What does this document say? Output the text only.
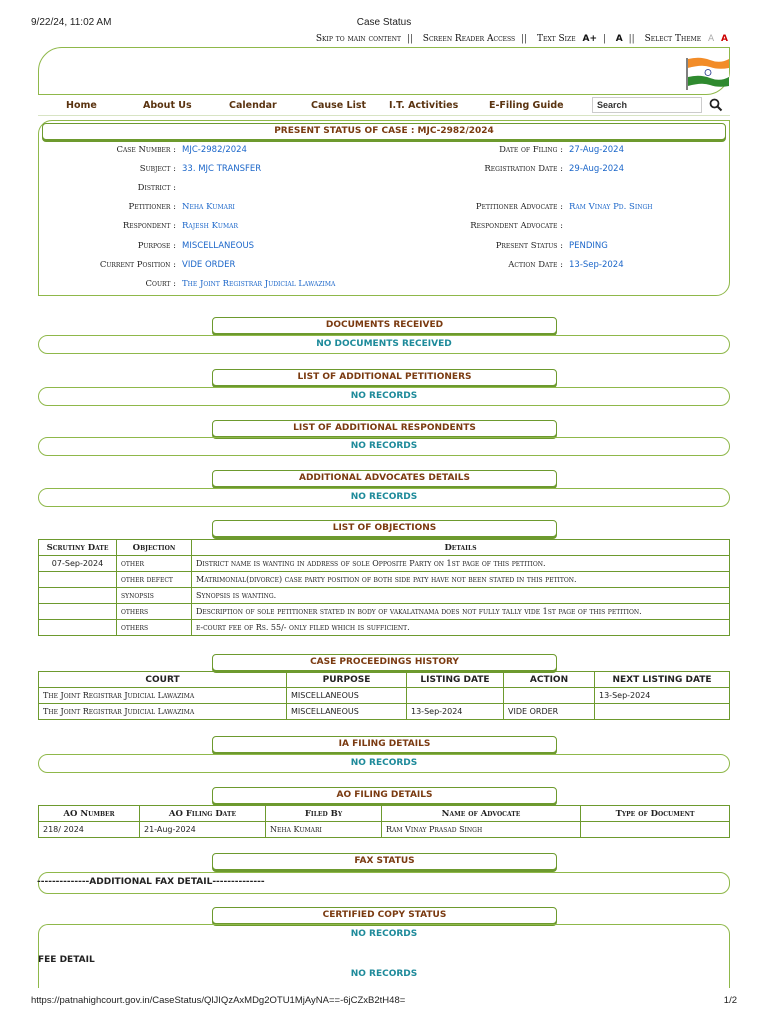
9/22/24, 11:02 AM	Case Status
Skip to main content || Screen Reader Access || Text Size A+ | A || Select Theme A A
Home	About Us	Calendar	Cause List I.T. Activities	E-Filing Guide	Search
PRESENT STATUS OF CASE : MJC-2982/2024
Case Number : MJC-2982/2024
Subject : 33. MJC TRANSFER
District :
Petitioner : Neha Kumari
Respondent : Rajesh Kumar
Purpose : MISCELLANEOUS
Current Position : VIDE ORDER
Court : The Joint Registrar Judicial Lawazima
Date of Filing : 27-Aug-2024
Registration Date : 29-Aug-2024
Petitioner Advocate : Ram Vinay Pd. Singh
Respondent Advocate :
Present Status : PENDING
Action Date : 13-Sep-2024
DOCUMENTS RECEIVED
NO DOCUMENTS RECEIVED
LIST OF ADDITIONAL PETITIONERS
NO RECORDS
LIST OF ADDITIONAL RESPONDENTS
NO RECORDS
ADDITIONAL ADVOCATES DETAILS
NO RECORDS
LIST OF OBJECTIONS
Scrutiny Date	Objection	Details
07-Sep-2024	other	District name is wanting in address of sole Opposite Party on 1st page of this petition.
	other defect	Matrimonial(divorce) case party position of both side paty have not been stated in this petiton.
	synopsis	Synopsis is wanting.
	others	Description of sole petitioner stated in body of vakalatnama does not fully tally vide 1st page of this petition.
	others	e-court fee of Rs. 55/- only filed which is sufficient.
CASE PROCEEDINGS HISTORY
COURT	PURPOSE	LISTING DATE	ACTION	NEXT LISTING DATE
The Joint Registrar Judicial Lawazima	MISCELLANEOUS			13-Sep-2024
The Joint Registrar Judicial Lawazima	MISCELLANEOUS	13-Sep-2024	VIDE ORDER	
IA FILING DETAILS
NO RECORDS
AO FILING DETAILS
AO Number	AO Filing Date	Filed By	Name of Advocate	Type of Document
218/ 2024	21-Aug-2024	Neha Kumari	Ram Vinay Prasad Singh	
FAX STATUS
--------------ADDITIONAL FAX DETAIL--------------
CERTIFIED COPY STATUS
NO RECORDS
FEE DETAIL
NO RECORDS
https://patnahighcourt.gov.in/CaseStatus/QlJIQzAxMDg2OTU1MjAyNA==-6jCZxB2tH48=	1/2
